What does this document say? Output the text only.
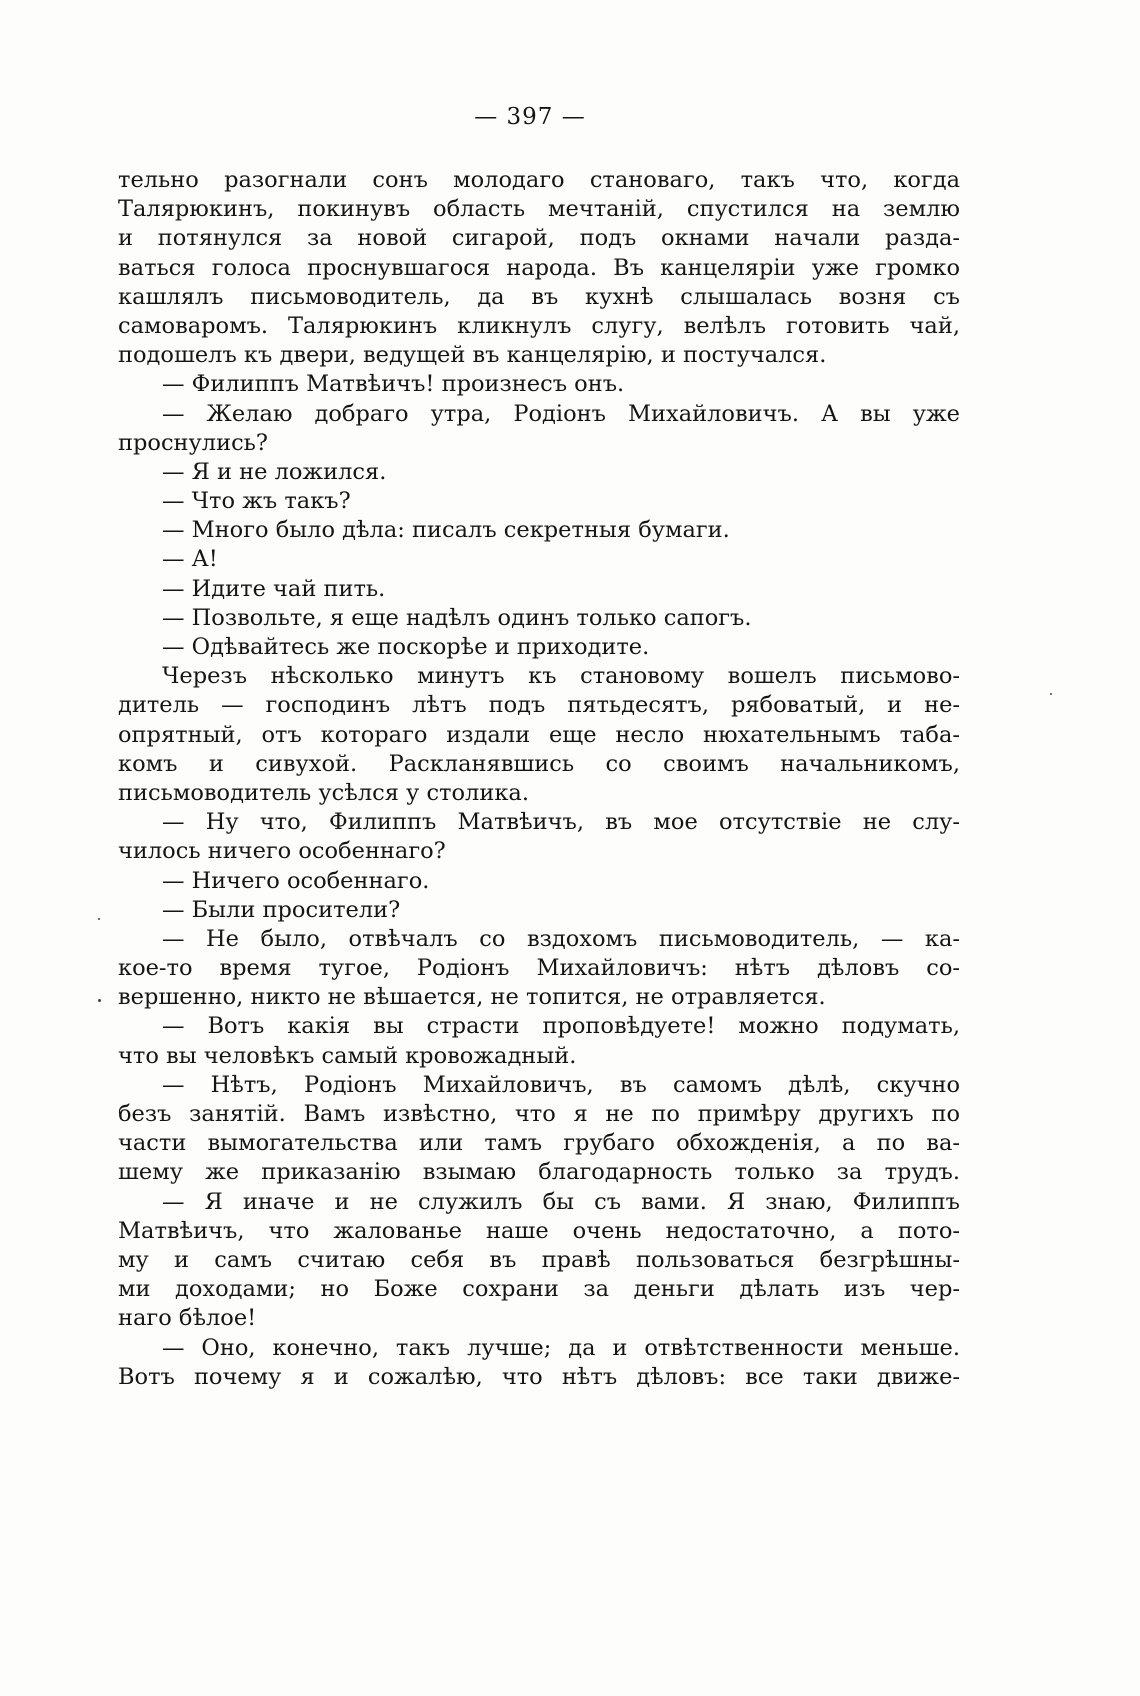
— 397 —
тельно разогнали сонъ молодаго становаго, такъ что, когда
Талярюкинъ, покинувъ область мечтаній, спустился на землю
и потянулся за новой сигарой, подъ окнами начали разда-
ваться голоса проснувшагося народа. Въ канцеляріи уже громко
кашлялъ письмоводитель, да въ кухнѣ слышалась возня съ
самоваромъ. Талярюкинъ кликнулъ слугу, велѣлъ готовить чай,
подошелъ къ двери, ведущей въ канцелярію, и постучался.
— Филиппъ Матвѣичъ! произнесъ онъ.
— Желаю добраго утра, Родіонъ Михайловичъ. А вы уже
проснулись?
— Я и не ложился.
— Что жъ такъ?
— Много было дѣла: писалъ секретныя бумаги.
— А!
— Идите чай пить.
— Позвольте, я еще надѣлъ одинъ только сапогъ.
— Одѣвайтесь же поскорѣе и приходите.
Черезъ нѣсколько минутъ къ становому вошелъ письмово-
дитель — господинъ лѣтъ подъ пятьдесятъ, рябоватый, и не-
опрятный, отъ котораго издали еще несло нюхательнымъ таба-
комъ и сивухой. Раскланявшись со своимъ начальникомъ,
письмоводитель усѣлся у столика.
— Ну что, Филиппъ Матвѣичъ, въ мое отсутствіе не слу-
чилось ничего особеннаго?
— Ничего особеннаго.
— Были просители?
— Не было, отвѣчалъ со вздохомъ письмоводитель, — ка-
кое-то время тугое, Родіонъ Михайловичъ: нѣтъ дѣловъ со-
вершенно, никто не вѣшается, не топится, не отравляется.
— Вотъ какія вы страсти проповѣдуете! можно подумать,
что вы человѣкъ самый кровожадный.
— Нѣтъ, Родіонъ Михайловичъ, въ самомъ дѣлѣ, скучно
безъ занятій. Вамъ извѣстно, что я не по примѣру другихъ по
части вымогательства или тамъ грубаго обхожденія, а по ва-
шему же приказанію взымаю благодарность только за трудъ.
— Я иначе и не служилъ бы съ вами. Я знаю, Филиппъ
Матвѣичъ, что жалованье наше очень недостаточно, а пото-
му и самъ считаю себя въ правѣ пользоваться безгрѣшны-
ми доходами; но Боже сохрани за деньги дѣлать изъ чер-
наго бѣлое!
— Оно, конечно, такъ лучше; да и отвѣтственности меньше.
Вотъ почему я и сожалѣю, что нѣтъ дѣловъ: все таки движе-
